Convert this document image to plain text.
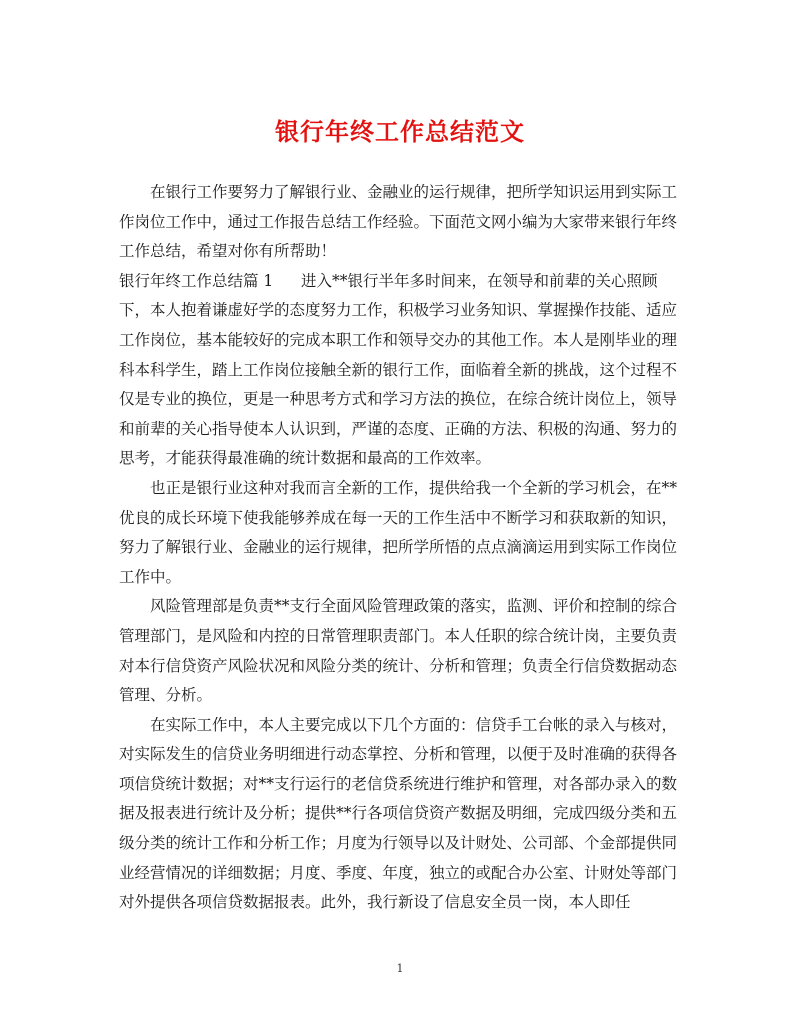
银行年终工作总结范文

在银行工作要努力了解银行业、金融业的运行规律，把所学知识运用到实际工作岗位工作中，通过工作报告总结工作经验。下面范文网小编为大家带来银行年终工作总结，希望对你有所帮助！

银行年终工作总结篇 1 进入**银行半年多时间来，在领导和前辈的关心照顾下，本人抱着谦虚好学的态度努力工作，积极学习业务知识、掌握操作技能、适应工作岗位，基本能较好的完成本职工作和领导交办的其他工作。本人是刚毕业的理科本科学生，踏上工作岗位接触全新的银行工作，面临着全新的挑战，这个过程不仅是专业的换位，更是一种思考方式和学习方法的换位，在综合统计岗位上，领导和前辈的关心指导使本人认识到，严谨的态度、正确的方法、积极的沟通、努力的思考，才能获得最准确的统计数据和最高的工作效率。

也正是银行业这种对我而言全新的工作，提供给我一个全新的学习机会，在**优良的成长环境下使我能够养成在每一天的工作生活中不断学习和获取新的知识，努力了解银行业、金融业的运行规律，把所学所悟的点点滴滴运用到实际工作岗位工作中。

风险管理部是负责**支行全面风险管理政策的落实，监测、评价和控制的综合管理部门，是风险和内控的日常管理职责部门。本人任职的综合统计岗，主要负责对本行信贷资产风险状况和风险分类的统计、分析和管理；负责全行信贷数据动态管理、分析。

在实际工作中，本人主要完成以下几个方面的：信贷手工台帐的录入与核对，对实际发生的信贷业务明细进行动态掌控、分析和管理，以便于及时准确的获得各项信贷统计数据；对**支行运行的老信贷系统进行维护和管理，对各部办录入的数据及报表进行统计及分析；提供**行各项信贷资产数据及明细，完成四级分类和五级分类的统计工作和分析工作；月度为行领导以及计财处、公司部、个金部提供同业经营情况的详细数据；月度、季度、年度，独立的或配合办公室、计财处等部门对外提供各项信贷数据报表。此外，我行新设了信息安全员一岗，本人即任

1
